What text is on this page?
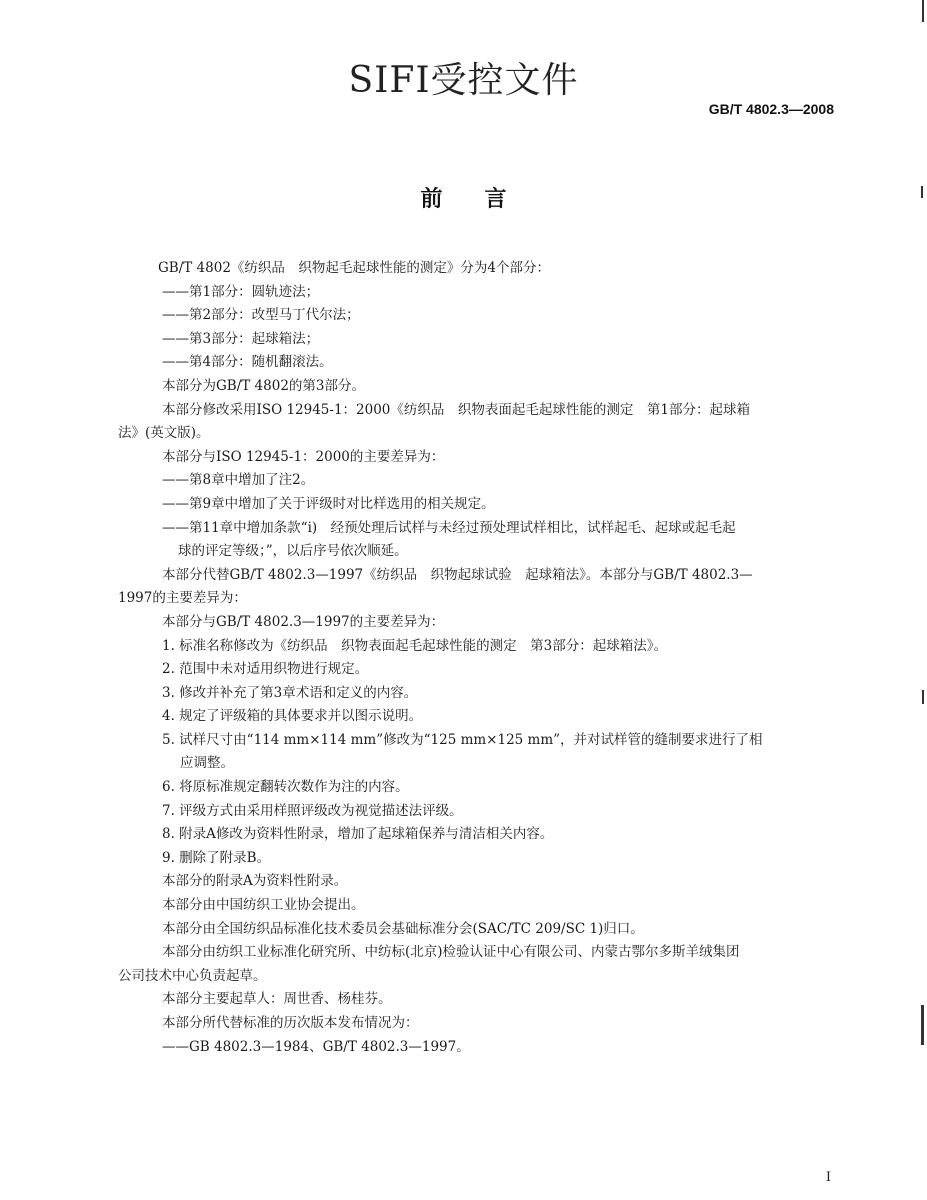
SIFI受控文件
GB/T 4802.3—2008
前言
GB/T 4802《纺织品　织物起毛起球性能的测定》分为4个部分：
——第1部分：圆轨迹法；
——第2部分：改型马丁代尔法；
——第3部分：起球箱法；
——第4部分：随机翻滚法。
本部分为GB/T 4802的第3部分。
本部分修改采用ISO 12945-1：2000《纺织品　织物表面起毛起球性能的测定　第1部分：起球箱
法》(英文版)。
本部分与ISO 12945-1：2000的主要差异为：
——第8章中增加了注2。
——第9章中增加了关于评级时对比样选用的相关规定。
——第11章中增加条款“i)　经预处理后试样与未经过预处理试样相比，试样起毛、起球或起毛起
球的评定等级；”，以后序号依次顺延。
本部分代替GB/T 4802.3—1997《纺织品　织物起球试验　起球箱法》。本部分与GB/T 4802.3—
1997的主要差异为：
本部分与GB/T 4802.3—1997的主要差异为：
1. 标准名称修改为《纺织品　织物表面起毛起球性能的测定　第3部分：起球箱法》。
2. 范围中未对适用织物进行规定。
3. 修改并补充了第3章术语和定义的内容。
4. 规定了评级箱的具体要求并以图示说明。
5. 试样尺寸由“114 mm×114 mm”修改为“125 mm×125 mm”，并对试样管的缝制要求进行了相
应调整。
6. 将原标准规定翻转次数作为注的内容。
7. 评级方式由采用样照评级改为视觉描述法评级。
8. 附录A修改为资料性附录，增加了起球箱保养与清洁相关内容。
9. 删除了附录B。
本部分的附录A为资料性附录。
本部分由中国纺织工业协会提出。
本部分由全国纺织品标准化技术委员会基础标准分会(SAC/TC 209/SC 1)归口。
本部分由纺织工业标准化研究所、中纺标(北京)检验认证中心有限公司、内蒙古鄂尔多斯羊绒集团
公司技术中心负责起草。
本部分主要起草人：周世香、杨桂芬。
本部分所代替标准的历次版本发布情况为：
——GB 4802.3—1984、GB/T 4802.3—1997。
I
